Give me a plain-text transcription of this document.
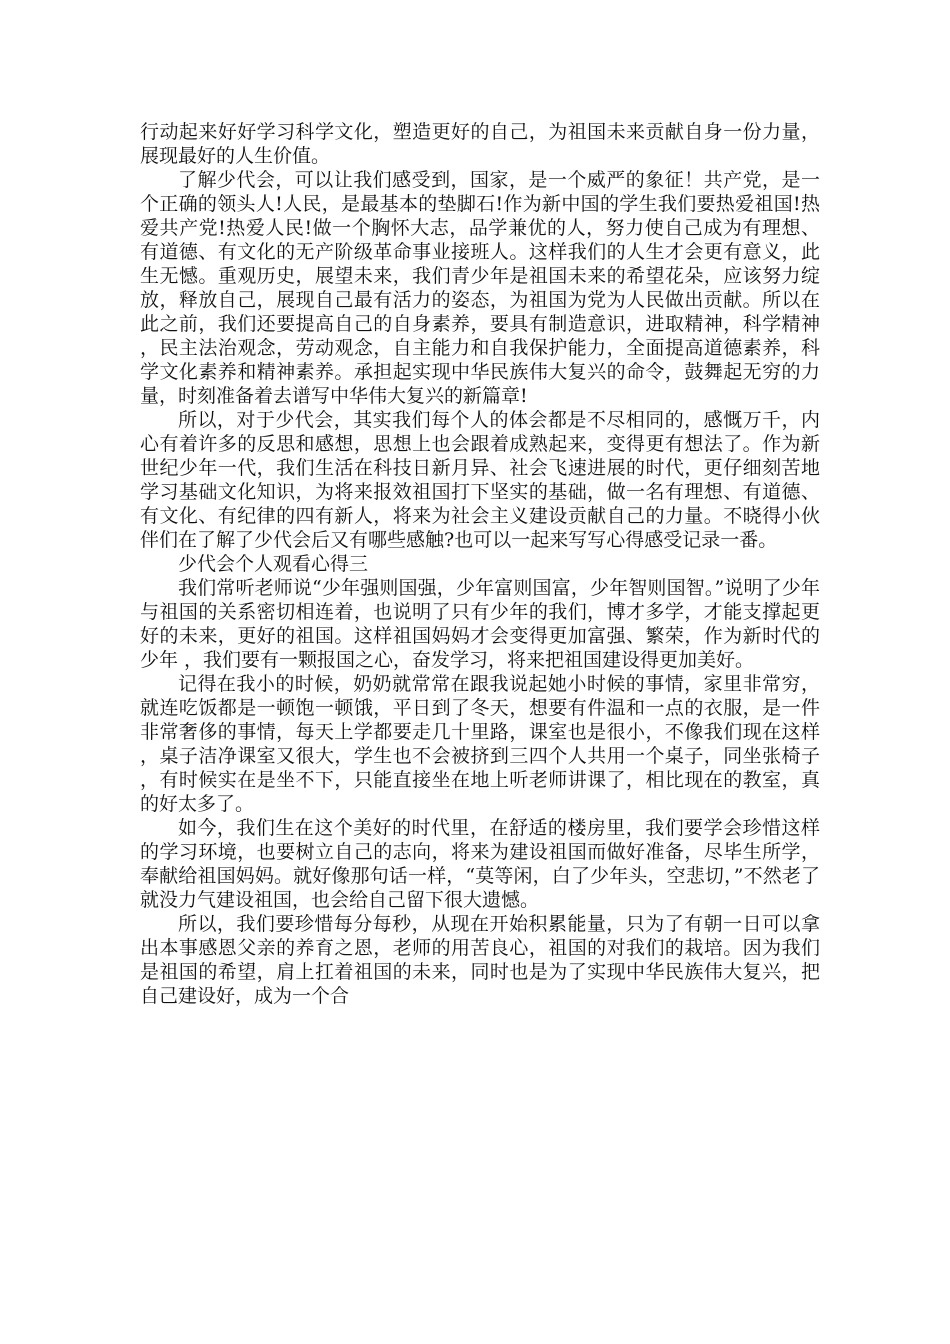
行动起来好好学习科学文化，塑造更好的自己，为祖国未来贡献自身一份力量，展现最好的人生价值。

了解少代会，可以让我们感受到，国家，是一个威严的象征！共产党，是一个正确的领头人!人民，是最基本的垫脚石!作为新中国的学生我们要热爱祖国!热爱共产党!热爱人民!做一个胸怀大志，品学兼优的人，努力使自己成为有理想、有道德、有文化的无产阶级革命事业接班人。这样我们的人生才会更有意义，此生无憾。重观历史，展望未来，我们青少年是祖国未来的希望花朵，应该努力绽放，释放自己，展现自己最有活力的姿态，为祖国为党为人民做出贡献。所以在此之前，我们还要提高自己的自身素养，要具有制造意识，进取精神，科学精神，民主法治观念，劳动观念，自主能力和自我保护能力，全面提高道德素养，科学文化素养和精神素养。承担起实现中华民族伟大复兴的命令，鼓舞起无穷的力量，时刻准备着去谱写中华伟大复兴的新篇章!

所以，对于少代会，其实我们每个人的体会都是不尽相同的，感慨万千，内心有着许多的反思和感想，思想上也会跟着成熟起来，变得更有想法了。作为新世纪少年一代，我们生活在科技日新月异、社会飞速进展的时代，更仔细刻苦地学习基础文化知识，为将来报效祖国打下坚实的基础，做一名有理想、有道德、有文化、有纪律的四有新人，将来为社会主义建设贡献自己的力量。不晓得小伙伴们在了解了少代会后又有哪些感触?也可以一起来写写心得感受记录一番。

少代会个人观看心得三

我们常听老师说“少年强则国强，少年富则国富，少年智则国智。”说明了少年与祖国的关系密切相连着，也说明了只有少年的我们，博才多学，才能支撑起更好的未来，更好的祖国。这样祖国妈妈才会变得更加富强、繁荣，作为新时代的少年 ，我们要有一颗报国之心，奋发学习，将来把祖国建设得更加美好。

记得在我小的时候，奶奶就常常在跟我说起她小时候的事情，家里非常穷，就连吃饭都是一顿饱一顿饿，平日到了冬天，想要有件温和一点的衣服，是一件非常奢侈的事情，每天上学都要走几十里路，课室也是很小，不像我们现在这样，桌子洁净课室又很大，学生也不会被挤到三四个人共用一个桌子，同坐张椅子，有时候实在是坐不下，只能直接坐在地上听老师讲课了，相比现在的教室，真的好太多了。

如今，我们生在这个美好的时代里，在舒适的楼房里，我们要学会珍惜这样的学习环境，也要树立自己的志向，将来为建设祖国而做好准备，尽毕生所学，奉献给祖国妈妈。就好像那句话一样，“莫等闲，白了少年头，空悲切，”不然老了就没力气建设祖国，也会给自己留下很大遗憾。

所以，我们要珍惜每分每秒，从现在开始积累能量，只为了有朝一日可以拿出本事感恩父亲的养育之恩，老师的用苦良心，祖国的对我们的栽培。因为我们是祖国的希望，肩上扛着祖国的未来，同时也是为了实现中华民族伟大复兴，把自己建设好，成为一个合
